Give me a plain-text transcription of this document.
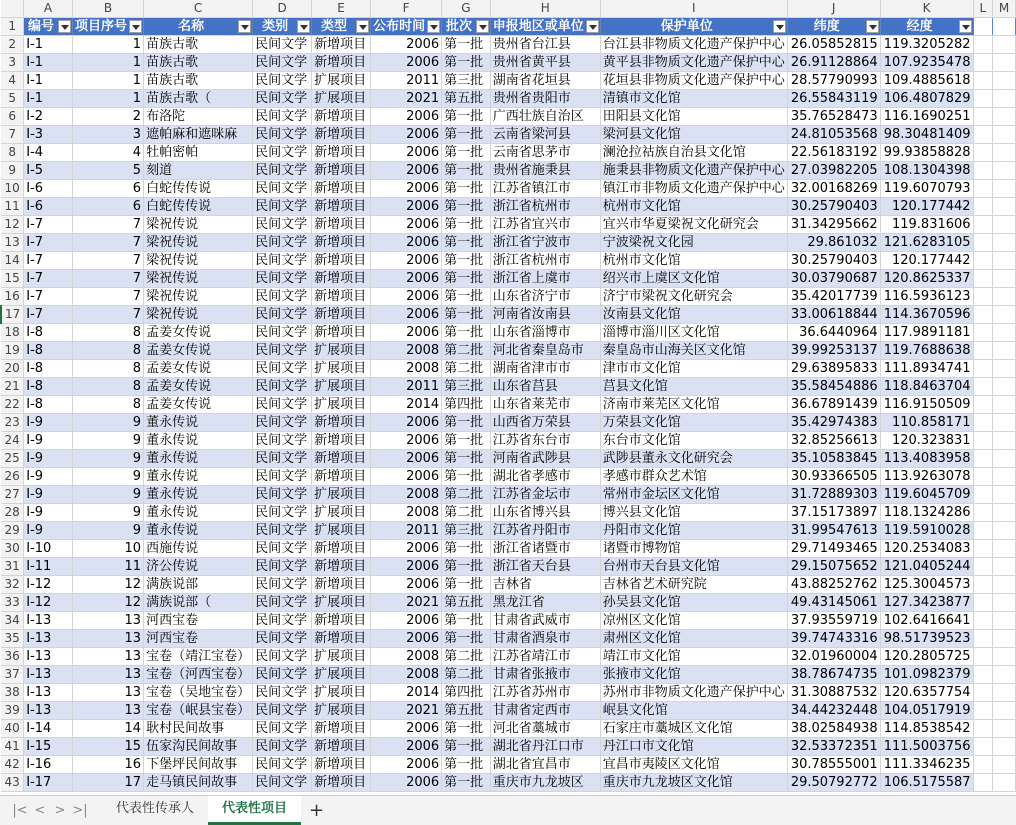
	A	B	C	D	E	F	G	H	I	J	K	L	M
1	编号	项目序号	名称	类别	类型	公布时间	批次	申报地区或单位	保护单位	纬度	经度		

2	Ⅰ-1	1	苗族古歌	民间文学	新增项目	2006	第一批	贵州省台江县	台江县非物质文化遗产保护中心	26.05852815	119.3205282		
3	Ⅰ-1	1	苗族古歌	民间文学	新增项目	2006	第一批	贵州省黄平县	黄平县非物质文化遗产保护中心	26.91128864	107.9235478		
4	Ⅰ-1	1	苗族古歌	民间文学	扩展项目	2011	第三批	湖南省花垣县	花垣县非物质文化遗产保护中心	28.57790993	109.4885618		
5	Ⅰ-1	1	苗族古歌（	民间文学	扩展项目	2021	第五批	贵州省贵阳市	清镇市文化馆	26.55843119	106.4807829		
6	Ⅰ-2	2	布洛陀	民间文学	新增项目	2006	第一批	广西壮族自治区	田阳县文化馆	35.76528473	116.1690251		
7	Ⅰ-3	3	遮帕麻和遮咪麻	民间文学	新增项目	2006	第一批	云南省梁河县	梁河县文化馆	24.81053568	98.30481409		
8	Ⅰ-4	4	牡帕密帕	民间文学	新增项目	2006	第一批	云南省思茅市	澜沧拉祜族自治县文化馆	22.56183192	99.93858828		
9	Ⅰ-5	5	刻道	民间文学	新增项目	2006	第一批	贵州省施秉县	施秉县非物质文化遗产保护中心	27.03982205	108.1304398		
10	Ⅰ-6	6	白蛇传传说	民间文学	新增项目	2006	第一批	江苏省镇江市	镇江市非物质文化遗产保护中心	32.00168269	119.6070793		
11	Ⅰ-6	6	白蛇传传说	民间文学	新增项目	2006	第一批	浙江省杭州市	杭州市文化馆	30.25790403	120.177442		
12	Ⅰ-7	7	梁祝传说	民间文学	新增项目	2006	第一批	江苏省宜兴市	宜兴市华夏梁祝文化研究会	31.34295662	119.831606		
13	Ⅰ-7	7	梁祝传说	民间文学	新增项目	2006	第一批	浙江省宁波市	宁波梁祝文化园	29.861032	121.6283105		
14	Ⅰ-7	7	梁祝传说	民间文学	新增项目	2006	第一批	浙江省杭州市	杭州市文化馆	30.25790403	120.177442		
15	Ⅰ-7	7	梁祝传说	民间文学	新增项目	2006	第一批	浙江省上虞市	绍兴市上虞区文化馆	30.03790687	120.8625337		
16	Ⅰ-7	7	梁祝传说	民间文学	新增项目	2006	第一批	山东省济宁市	济宁市梁祝文化研究会	35.42017739	116.5936123		
17	Ⅰ-7	7	梁祝传说	民间文学	新增项目	2006	第一批	河南省汝南县	汝南县文化馆	33.00618844	114.3670596		
18	Ⅰ-8	8	孟姜女传说	民间文学	新增项目	2006	第一批	山东省淄博市	淄博市淄川区文化馆	36.6440964	117.9891181		
19	Ⅰ-8	8	孟姜女传说	民间文学	扩展项目	2008	第二批	河北省秦皇岛市	秦皇岛市山海关区文化馆	39.99253137	119.7688638		
20	Ⅰ-8	8	孟姜女传说	民间文学	扩展项目	2008	第二批	湖南省津市市	津市市文化馆	29.63895833	111.8934741		
21	Ⅰ-8	8	孟姜女传说	民间文学	扩展项目	2011	第三批	山东省莒县	莒县文化馆	35.58454886	118.8463704		
22	Ⅰ-8	8	孟姜女传说	民间文学	扩展项目	2014	第四批	山东省莱芜市	济南市莱芜区文化馆	36.67891439	116.9150509		
23	Ⅰ-9	9	董永传说	民间文学	新增项目	2006	第一批	山西省万荣县	万荣县文化馆	35.42974383	110.858171		
24	Ⅰ-9	9	董永传说	民间文学	新增项目	2006	第一批	江苏省东台市	东台市文化馆	32.85256613	120.323831		
25	Ⅰ-9	9	董永传说	民间文学	新增项目	2006	第一批	河南省武陟县	武陟县董永文化研究会	35.10583845	113.4083958		
26	Ⅰ-9	9	董永传说	民间文学	新增项目	2006	第一批	湖北省孝感市	孝感市群众艺术馆	30.93366505	113.9263078		
27	Ⅰ-9	9	董永传说	民间文学	扩展项目	2008	第二批	江苏省金坛市	常州市金坛区文化馆	31.72889303	119.6045709		
28	Ⅰ-9	9	董永传说	民间文学	扩展项目	2008	第二批	山东省博兴县	博兴县文化馆	37.15173897	118.1324286		
29	Ⅰ-9	9	董永传说	民间文学	扩展项目	2011	第三批	江苏省丹阳市	丹阳市文化馆	31.99547613	119.5910028		
30	Ⅰ-10	10	西施传说	民间文学	新增项目	2006	第一批	浙江省诸暨市	诸暨市博物馆	29.71493465	120.2534083		
31	Ⅰ-11	11	济公传说	民间文学	新增项目	2006	第一批	浙江省天台县	台州市天台县文化馆	29.15075652	121.0405244		
32	Ⅰ-12	12	满族说部	民间文学	新增项目	2006	第一批	吉林省	吉林省艺术研究院	43.88252762	125.3004573		
33	Ⅰ-12	12	满族说部（	民间文学	扩展项目	2021	第五批	黑龙江省	孙吴县文化馆	49.43145061	127.3423877		
34	Ⅰ-13	13	河西宝卷	民间文学	新增项目	2006	第一批	甘肃省武威市	凉州区文化馆	37.93559719	102.6416641		
35	Ⅰ-13	13	河西宝卷	民间文学	新增项目	2006	第一批	甘肃省酒泉市	肃州区文化馆	39.74743316	98.51739523		
36	Ⅰ-13	13	宝卷（靖江宝卷）	民间文学	扩展项目	2008	第二批	江苏省靖江市	靖江市文化馆	32.01960004	120.2805725		
37	Ⅰ-13	13	宝卷（河西宝卷）	民间文学	扩展项目	2008	第二批	甘肃省张掖市	张掖市文化馆	38.78674735	101.0982379		
38	Ⅰ-13	13	宝卷（吴地宝卷）	民间文学	扩展项目	2014	第四批	江苏省苏州市	苏州市非物质文化遗产保护中心	31.30887532	120.6357754		
39	Ⅰ-13	13	宝卷（岷县宝卷）	民间文学	扩展项目	2021	第五批	甘肃省定西市	岷县文化馆	34.44232448	104.0517919		
40	Ⅰ-14	14	耿村民间故事	民间文学	新增项目	2006	第一批	河北省藁城市	石家庄市藁城区文化馆	38.02584938	114.8538542		
41	Ⅰ-15	15	伍家沟民间故事	民间文学	新增项目	2006	第一批	湖北省丹江口市	丹江口市文化馆	32.53372351	111.5003756		
42	Ⅰ-16	16	下堡坪民间故事	民间文学	新增项目	2006	第一批	湖北省宜昌市	宜昌市夷陵区文化馆	30.78555001	111.3346235		
43	Ⅰ-17	17	走马镇民间故事	民间文学	新增项目	2006	第一批	重庆市九龙坡区	重庆市九龙坡区文化馆	29.50792772	106.5175587		
|< < > >|	代表性传承人	代表性项目	+
